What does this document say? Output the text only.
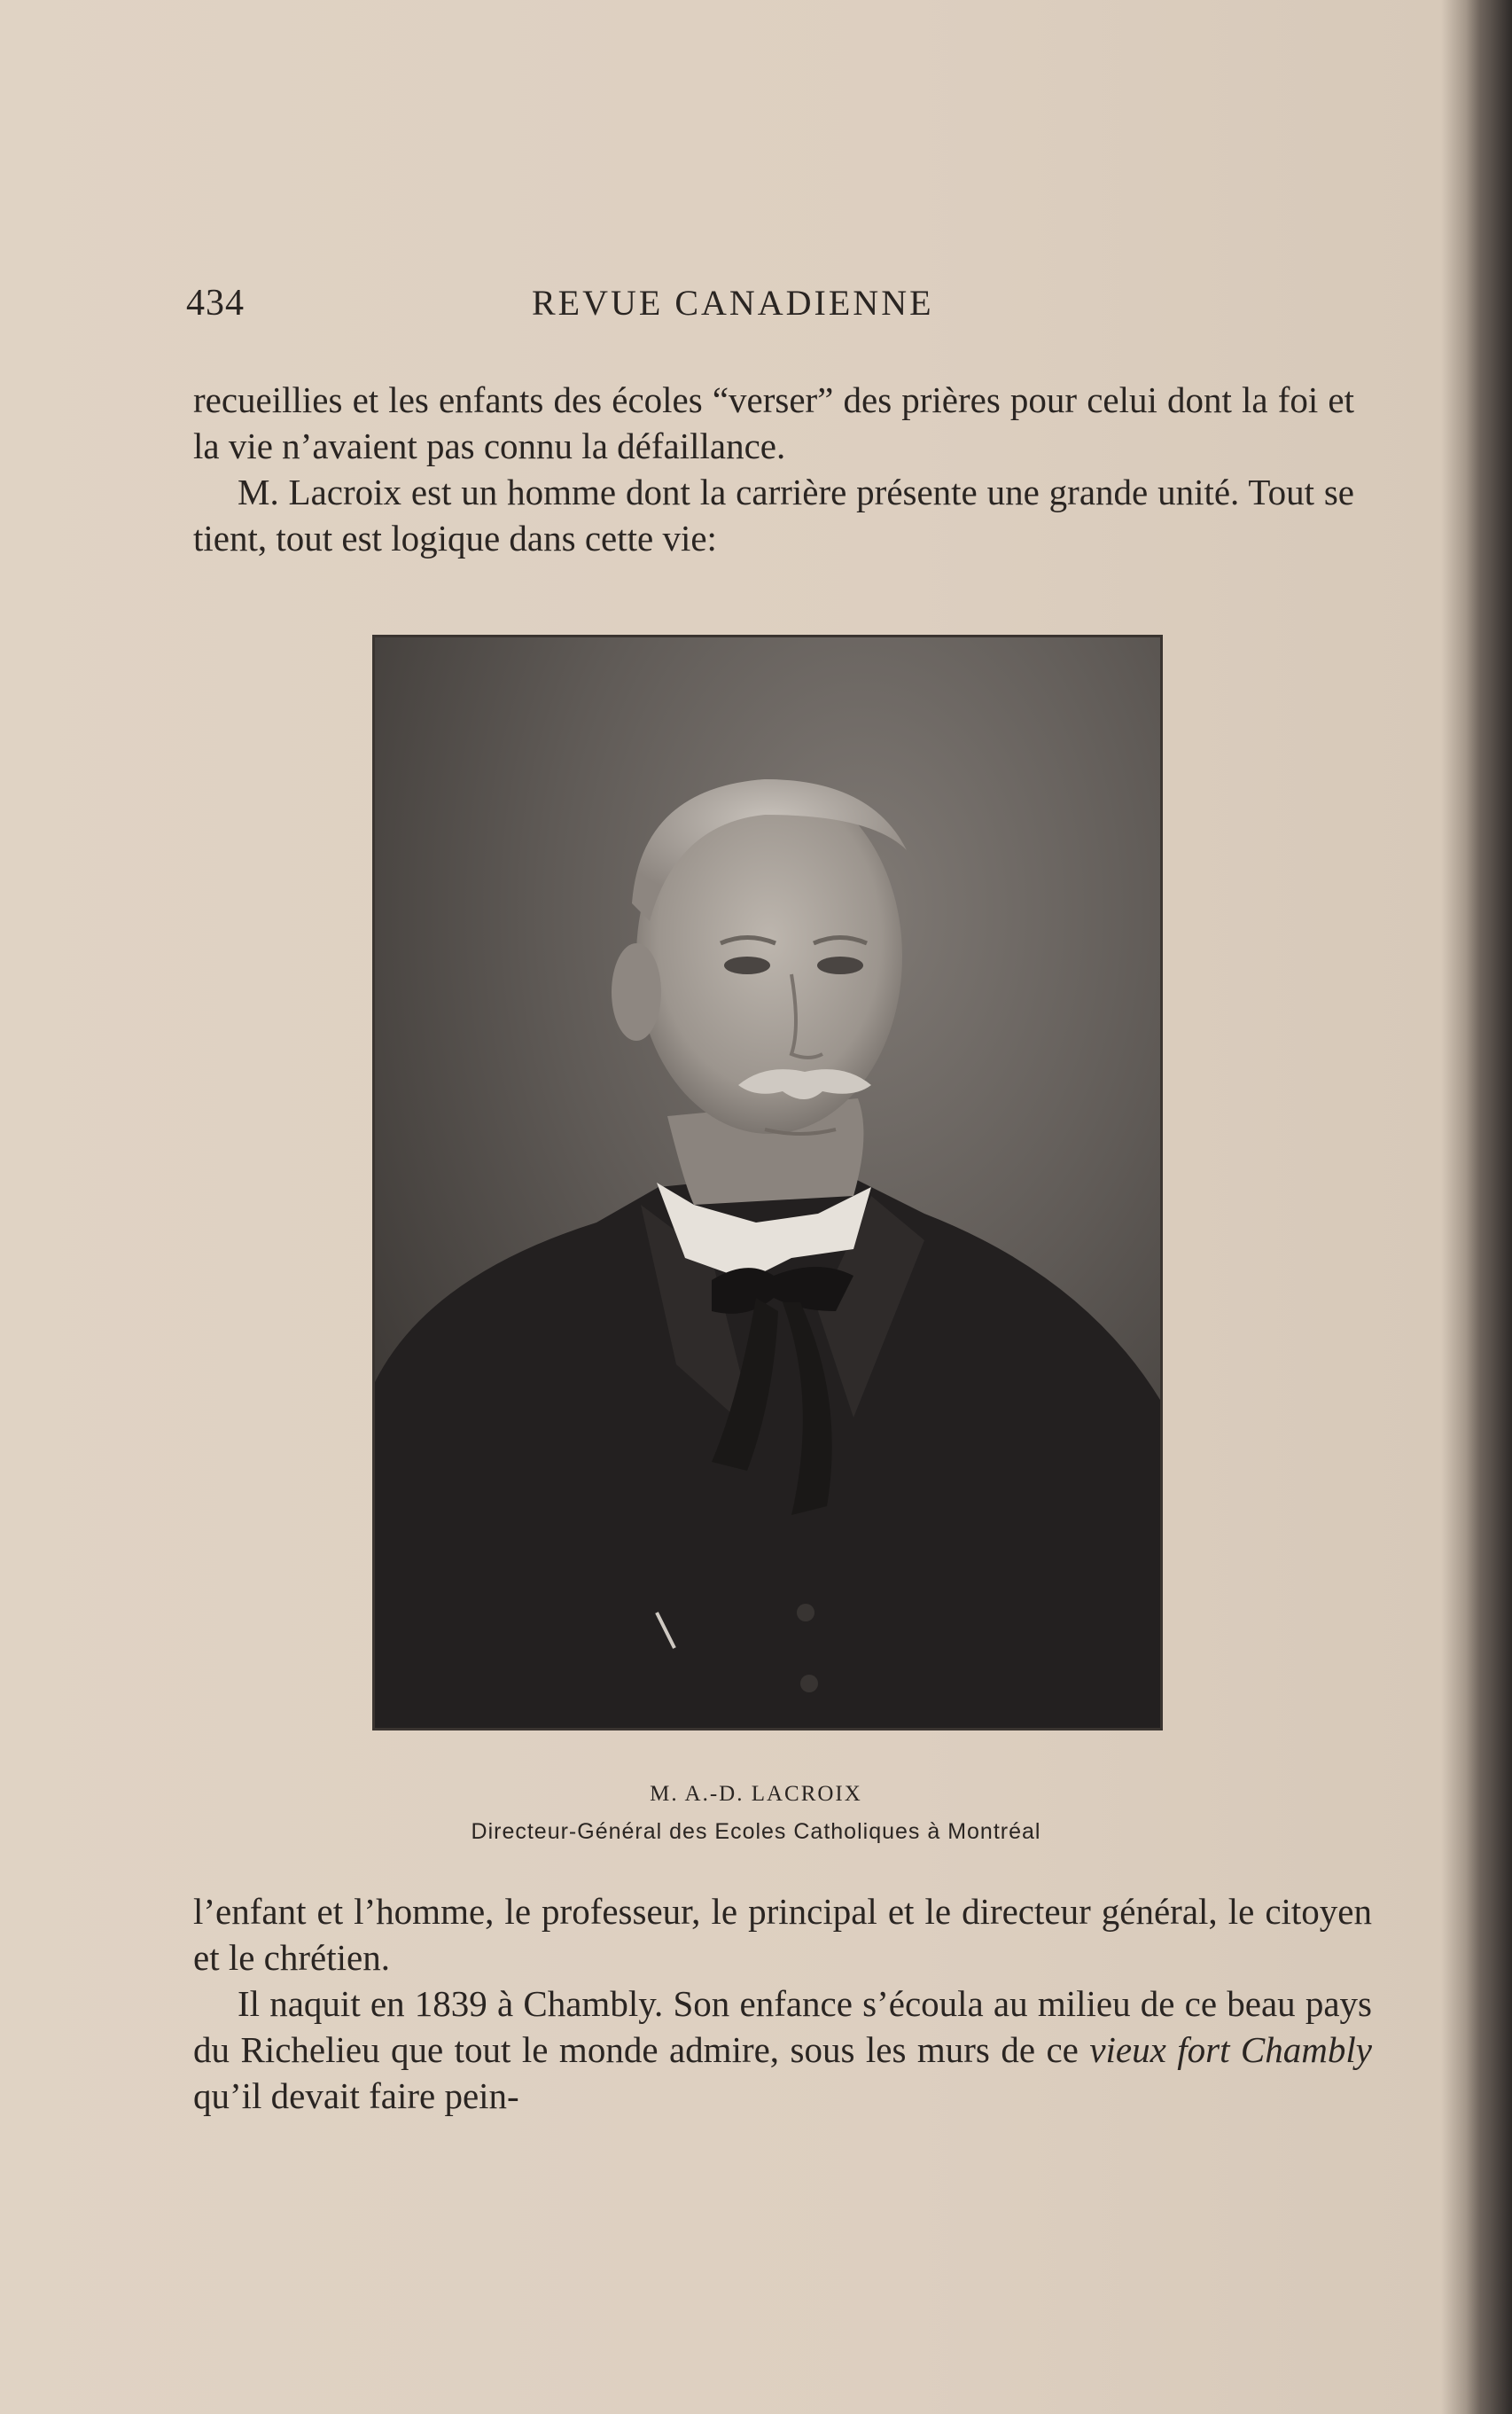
434	REVUE CANADIENNE

recueillies et les enfants des écoles “verser” des prières pour celui dont la foi et la vie n’avaient pas connu la défaillance.

M. Lacroix est un homme dont la carrière présente une grande unité. Tout se tient, tout est logique dans cette vie:

M. A.-D. LACROIX
Directeur-Général des Ecoles Catholiques à Montréal

l’enfant et l’homme, le professeur, le principal et le directeur général, le citoyen et le chrétien.

Il naquit en 1839 à Chambly. Son enfance s’écoula au milieu de ce beau pays du Richelieu que tout le monde admire, sous les murs de ce vieux fort Chambly qu’il devait faire pein-
